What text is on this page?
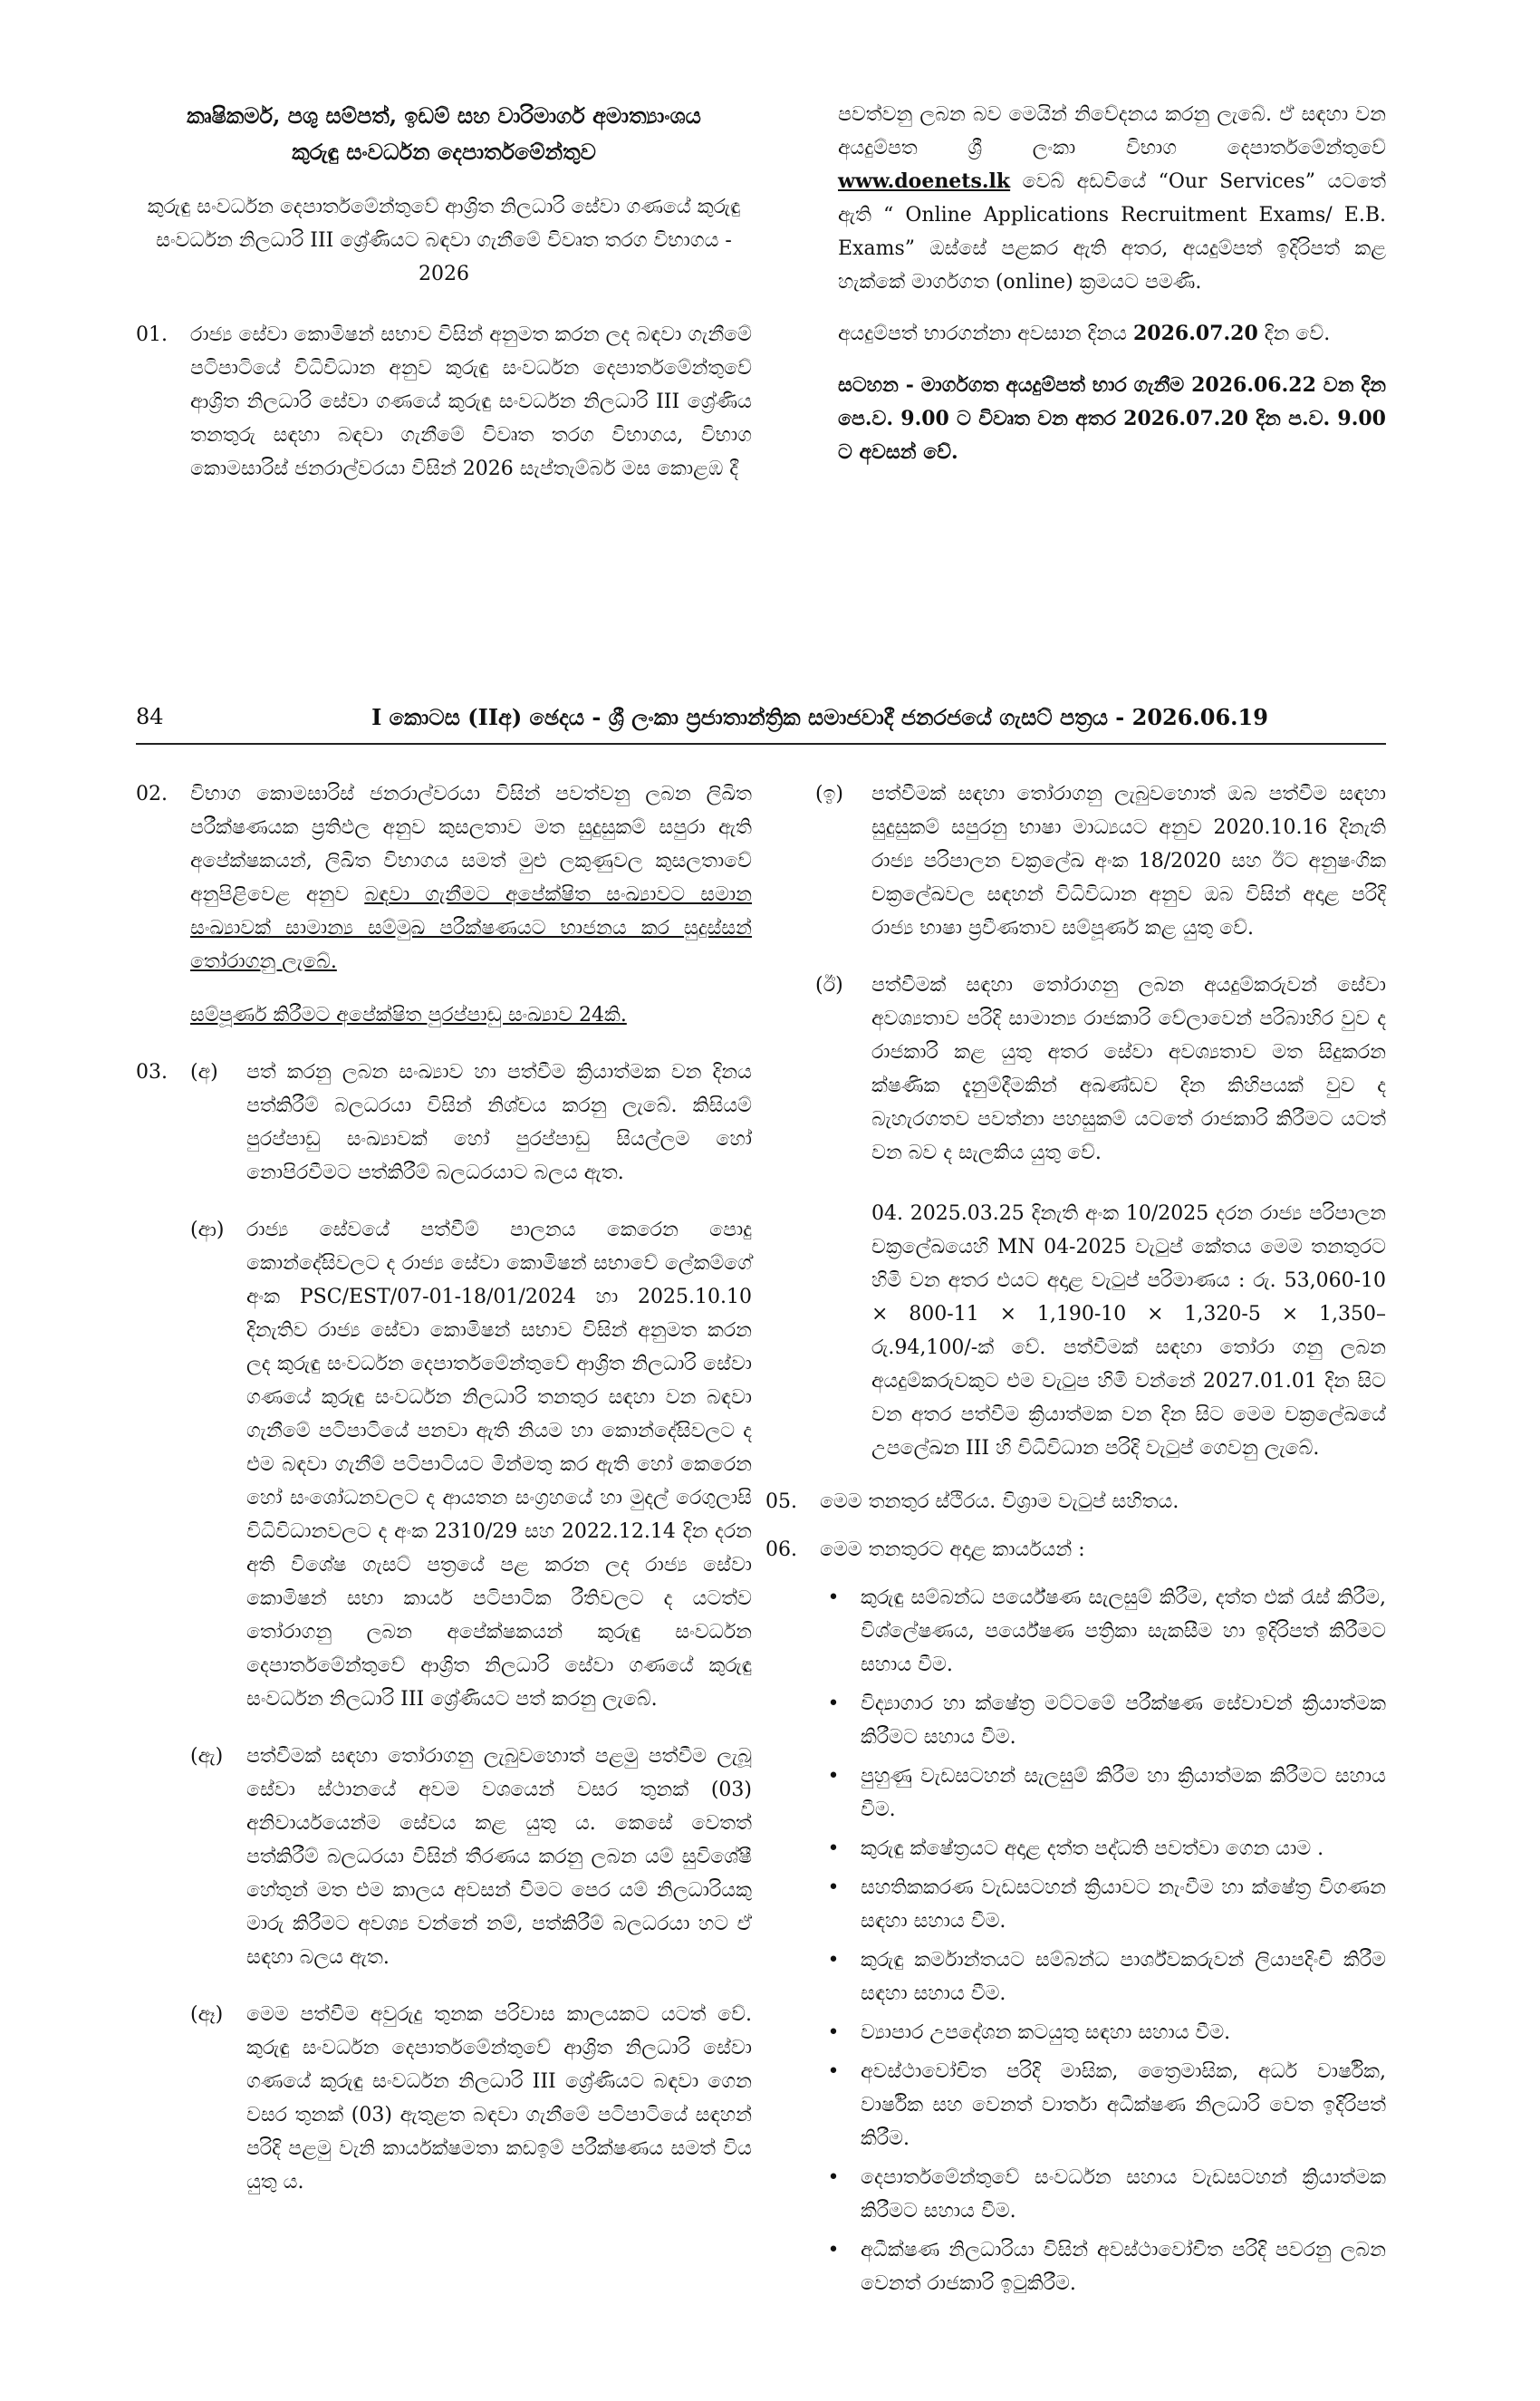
කෘෂිකර්ම, පශු සම්පත්, ඉඩම් සහ වාරිමාර්ග අමාත්‍යාංශය
කුරුඳු සංවර්ධන දෙපාර්තමේන්තුව

කුරුඳු සංවර්ධන දෙපාර්තමේන්තුවේ ආශ්‍රිත නිලධාරි සේවා ගණයේ කුරුඳු සංවර්ධන නිලධාරි III ශ්‍රේණියට බඳවා ගැනීමේ විවෘත තරග විභාගය - 2026

01.	රාජ්‍ය සේවා කොමිෂන් සභාව විසින් අනුමත කරන ලද බඳවා ගැනීමේ පටිපාටියේ විධිවිධාන අනුව කුරුඳු සංවර්ධන දෙපාර්තමේන්තුවේ ආශ්‍රිත නිලධාරි සේවා ගණයේ කුරුඳු සංවර්ධන නිලධාරි III ශ්‍රේණිය තනතුරු සඳහා බඳවා ගැනීමේ විවෘත තරග විභාගය, විභාග කොමසාරිස් ජනරාල්වරයා විසින් 2026 සැප්තැම්බර් මස කොළඹ දී

පවත්වනු ලබන බව මෙයින් නිවේදනය කරනු ලැබේ. ඒ සඳහා වන අයදුම්පත ශ්‍රී ලංකා විභාග දෙපාර්තමේන්තුවේ www.doenets.lk වෙබ් අඩවියේ “Our Services” යටතේ ඇති “ Online Applications Recruitment Exams/ E.B. Exams” ඔස්සේ පළකර ඇති අතර, අයදුම්පත් ඉදිරිපත් කළ හැක්කේ මාර්ගගත (online) ක්‍රමයට පමණි.

අයදුම්පත් භාරගන්නා අවසාන දිනය 2026.07.20 දින වේ.

සටහන - මාර්ගගත අයදුම්පත් භාර ගැනීම 2026.06.22 වන දින පෙ.ව. 9.00 ට විවෘත වන අතර 2026.07.20 දින ප.ව. 9.00 ට අවසන් වේ.

84	I කොටස (IIඅ) ඡෙදය - ශ්‍රී ලංකා ප්‍රජාතාන්ත්‍රික සමාජවාදී ජනරජයේ ගැසට් පත්‍රය - 2026.06.19
02.	විභාග කොමසාරිස් ජනරාල්වරයා විසින් පවත්වනු ලබන ලිඛිත පරීක්ෂණයක ප්‍රතිඵල අනුව කුසලතාව මත සුදුසුකම් සපුරා ඇති අපේක්ෂකයන්, ලිඛිත විභාගය සමත් මුළු ලකුණුවල කුසලතාවේ අනුපිළිවෙළ අනුව බඳවා ගැනීමට අපේක්ෂිත සංඛ්‍යාවට සමාන සංඛ්‍යාවක් සාමාන්‍ය සම්මුඛ පරීක්ෂණයට භාජනය කර සුදුස්සන් තෝරාගනු ලැබේ.

සම්පූර්ණ කිරීමට අපේක්ෂිත පුරප්පාඩු සංඛ්‍යාව 24කි.

03.	(අ)	පත් කරනු ලබන සංඛ්‍යාව හා පත්වීම ක්‍රියාත්මක වන දිනය පත්කිරීම් බලධරයා විසින් නිශ්චය කරනු ලැබේ. කිසියම් පුරප්පාඩු සංඛ්‍යාවක් හෝ පුරප්පාඩු සියල්ලම හෝ නොපිරවීමට පත්කිරීම් බලධරයාට බලය ඇත.
(ආ)	රාජ්‍ය සේවයේ පත්වීම් පාලනය කෙරෙන පොදු කොන්දේසිවලට ද රාජ්‍ය සේවා කොමිෂන් සභාවේ ලේකම්ගේ අංක PSC/EST/07-01-18/01/2024 හා 2025.10.10 දිනැතිව රාජ්‍ය සේවා කොමිෂන් සභාව විසින් අනුමත කරන ලද කුරුඳු සංවර්ධන දෙපාර්තමේන්තුවේ ආශ්‍රිත නිලධාරි සේවා ගණයේ කුරුඳු සංවර්ධන නිලධාරි තනතුර සඳහා වන බඳවා ගැනීමේ පටිපාටියේ පනවා ඇති නියම හා කොන්දේසිවලට ද එම බඳවා ගැනීම් පටිපාටියට මින්මතු කර ඇති හෝ කෙරෙන හෝ සංශෝධනවලට ද ආයතන සංග්‍රහයේ හා මුදල් රෙගුලාසි විධිවිධානවලට ද අංක 2310/29 සහ 2022.12.14 දින දරන අති විශේෂ ගැසට් පත්‍රයේ පළ කරන ලද රාජ්‍ය සේවා කොමිෂන් සභා කාර්ය පටිපාටික රීතිවලට ද යටත්ව තෝරාගනු ලබන අපේක්ෂකයන් කුරුඳු සංවර්ධන දෙපාර්තමේන්තුවේ ආශ්‍රිත නිලධාරි සේවා ගණයේ කුරුඳු සංවර්ධන නිලධාරි III ශ්‍රේණියට පත් කරනු ලැබේ.
(ඇ)	පත්වීමක් සඳහා තෝරාගනු ලැබුවහොත් පළමු පත්වීම ලැබූ සේවා ස්ථානයේ අවම වශයෙන් වසර තුනක් (03) අනිවාර්යයෙන්ම සේවය කළ යුතු ය. කෙසේ වෙතත් පත්කිරීම් බලධරයා විසින් තීරණය කරනු ලබන යම් සුවිශේෂී හේතුන් මත එම කාලය අවසන් වීමට පෙර යම් නිලධාරියකු මාරු කිරීමට අවශ්‍ය වන්නේ නම්, පත්කිරීම් බලධරයා හට ඒ සඳහා බලය ඇත.
(ඈ)	මෙම පත්වීම අවුරුදු තුනක පරිවාස කාලයකට යටත් වේ. කුරුඳු සංවර්ධන දෙපාර්තමේන්තුවේ ආශ්‍රිත නිලධාරි සේවා ගණයේ කුරුඳු සංවර්ධන නිලධාරි III ශ්‍රේණියට බඳවා ගෙන වසර තුනක් (03) ඇතුළත බඳවා ගැනීමේ පටිපාටියේ සඳහන් පරිදි පළමු වැනි කාර්යක්ෂමතා කඩඉම් පරීක්ෂණය සමත් විය යුතු ය.
(ඉ)	පත්වීමක් සඳහා තෝරාගනු ලැබුවහොත් ඔබ පත්වීම සඳහා සුදුසුකම් සපුරනු භාෂා මාධ්‍යයට අනුව 2020.10.16 දිනැති රාජ්‍ය පරිපාලන චක්‍රලේඛ අංක 18/2020 සහ ඊට අනුෂංගික චක්‍රලේඛවල සඳහන් විධිවිධාන අනුව ඔබ විසින් අදාළ පරිදි රාජ්‍ය භාෂා ප්‍රවීණතාව සම්පූර්ණ කළ යුතු වේ.
(ඊ)	පත්වීමක් සඳහා තෝරාගනු ලබන අයදුම්කරුවන් සේවා අවශ්‍යතාව පරිදි සාමාන්‍ය රාජකාරි වේලාවෙන් පරිබාහිර වුව ද රාජකාරි කළ යුතු අතර සේවා අවශ්‍යතාව මත සිදුකරන ක්ෂණික දැනුම්දීමකින් අඛණ්ඩව දින කිහිපයක් වුව ද බැහැරගතව පවත්නා පහසුකම් යටතේ රාජකාරි කිරීමට යටත් වන බව ද සැලකිය යුතු වේ.

04. 2025.03.25 දිනැති අංක 10/2025 දරන රාජ්‍ය පරිපාලන චක්‍රලේඛයෙහි MN 04-2025 වැටුප් කේතය මෙම තනතුරට හිමි වන අතර එයට අදාළ වැටුප් පරිමාණය : රු. 53,060-10 × 800-11 × 1,190-10 × 1,320-5 × 1,350– රු.94,100/-ක් වේ. පත්වීමක් සඳහා තෝරා ගනු ලබන අයදුම්කරුවකුට එම වැටුප හිමි වන්නේ 2027.01.01 දින සිට වන අතර පත්වීම ක්‍රියාත්මක වන දින සිට මෙම චක්‍රලේඛයේ උපලේඛන III හි විධිවිධාන පරිදි වැටුප් ගෙවනු ලැබේ.

05.	මෙම තනතුර ස්ථිරය. විශ්‍රාම වැටුප් සහිතය.
06.	මෙම තනතුරට අදාළ කාර්යයන් :
•	කුරුඳු සම්බන්ධ පර්යේෂණ සැලසුම් කිරීම, දත්ත එක් රැස් කිරීම, විශ්ලේෂණය, පර්යේෂණ පත්‍රිකා සැකසීම හා ඉදිරිපත් කිරීමට සහාය වීම.
•	විද්‍යාගාර හා ක්ෂේත්‍ර මට්ටමේ පරීක්ෂණ සේවාවන් ක්‍රියාත්මක කිරීමට සහාය වීම.
•	පුහුණු වැඩසටහන් සැලසුම් කිරීම හා ක්‍රියාත්මක කිරීමට සහාය වීම.
•	කුරුඳු ක්ෂේත්‍රයට අදාළ දත්ත පද්ධති පවත්වා ගෙන යාම .
•	සහතිකකරණ වැඩසටහන් ක්‍රියාවට නැංවීම හා ක්ෂේත්‍ර විගණන සඳහා සහාය වීම.
•	කුරුඳු කර්මාන්තයට සම්බන්ධ පාර්ශ්වකරුවන් ලියාපදිංචි කිරීම සඳහා සහාය වීම.
•	ව්‍යාපාර උපදේශන කටයුතු සඳහා සහාය වීම.
•	අවස්ථාවෝචිත පරිදි මාසික, ත්‍රෛමාසික, අර්ධ වාර්ෂික, වාර්ෂික සහ වෙනත් වාර්තා අධීක්ෂණ නිලධාරි වෙත ඉදිරිපත් කිරීම.
•	දෙපාර්තමේන්තුවේ සංවර්ධන සහාය වැඩසටහන් ක්‍රියාත්මක කිරීමට සහාය වීම.
•	අධීක්ෂණ නිලධාරියා විසින් අවස්ථාවෝචිත පරිදි පවරනු ලබන වෙනත් රාජකාරි ඉටුකිරීම.
